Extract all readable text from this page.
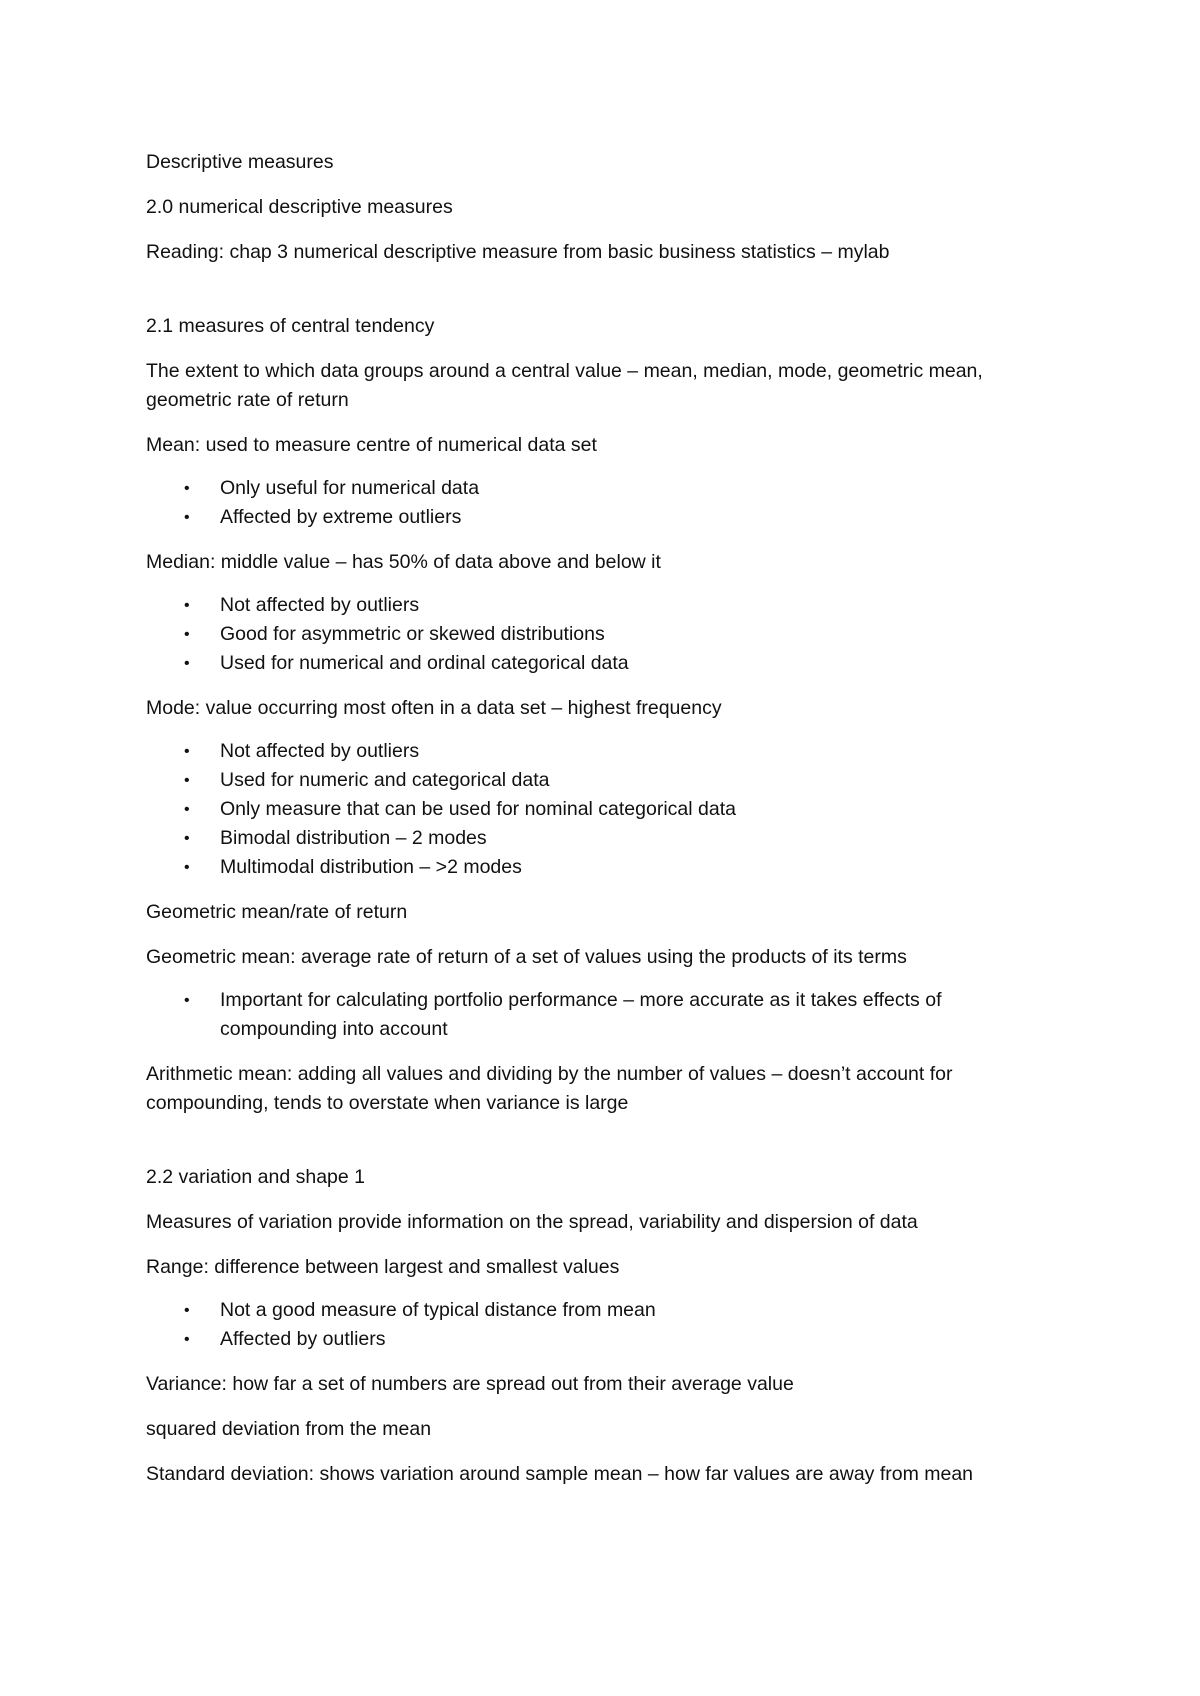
Descriptive measures

2.0 numerical descriptive measures

Reading: chap 3 numerical descriptive measure from basic business statistics – mylab

2.1 measures of central tendency

The extent to which data groups around a central value – mean, median, mode, geometric mean, geometric rate of return

Mean: used to measure centre of numerical data set

• Only useful for numerical data
• Affected by extreme outliers

Median: middle value – has 50% of data above and below it

• Not affected by outliers
• Good for asymmetric or skewed distributions
• Used for numerical and ordinal categorical data

Mode: value occurring most often in a data set – highest frequency

• Not affected by outliers
• Used for numeric and categorical data
• Only measure that can be used for nominal categorical data
• Bimodal distribution – 2 modes
• Multimodal distribution – >2 modes

Geometric mean/rate of return

Geometric mean: average rate of return of a set of values using the products of its terms

• Important for calculating portfolio performance – more accurate as it takes effects of compounding into account

Arithmetic mean: adding all values and dividing by the number of values – doesn’t account for compounding, tends to overstate when variance is large

2.2 variation and shape 1

Measures of variation provide information on the spread, variability and dispersion of data

Range: difference between largest and smallest values

• Not a good measure of typical distance from mean
• Affected by outliers

Variance: how far a set of numbers are spread out from their average value

squared deviation from the mean

Standard deviation: shows variation around sample mean – how far values are away from mean
